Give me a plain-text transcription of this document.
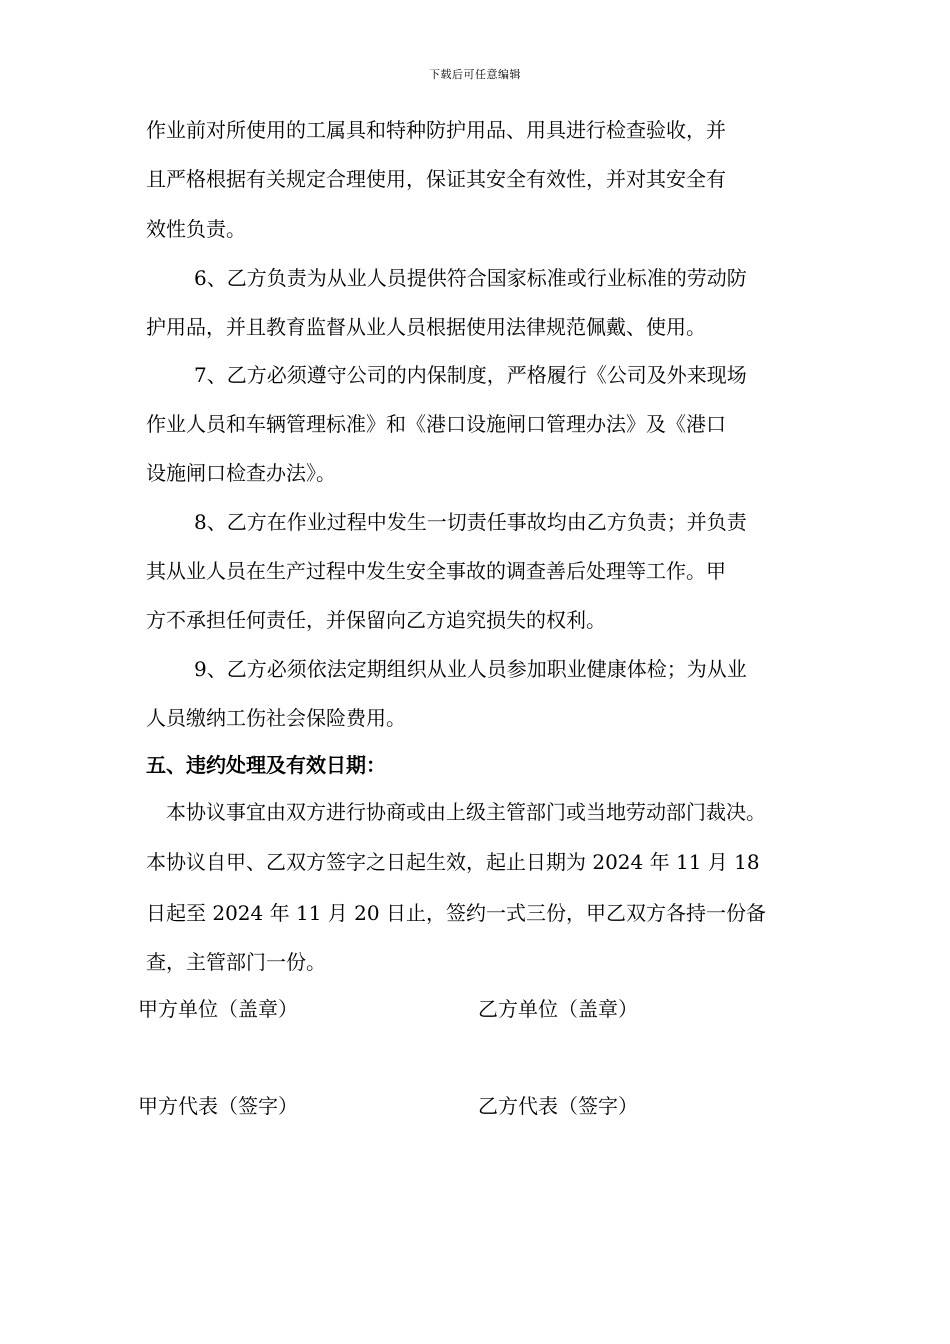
下载后可任意编辑
作业前对所使用的工属具和特种防护用品、用具进行检查验收，并
且严格根据有关规定合理使用，保证其安全有效性，并对其安全有
效性负责。
6、乙方负责为从业人员提供符合国家标准或行业标准的劳动防
护用品，并且教育监督从业人员根据使用法律规范佩戴、使用。
7、乙方必须遵守公司的内保制度，严格履行《公司及外来现场
作业人员和车辆管理标准》和《港口设施闸口管理办法》及《港口
设施闸口检查办法》。
8、乙方在作业过程中发生一切责任事故均由乙方负责；并负责
其从业人员在生产过程中发生安全事故的调查善后处理等工作。甲
方不承担任何责任，并保留向乙方追究损失的权利。
9、乙方必须依法定期组织从业人员参加职业健康体检；为从业
人员缴纳工伤社会保险费用。
五、违约处理及有效日期：
本协议事宜由双方进行协商或由上级主管部门或当地劳动部门裁决。
本协议自甲、乙双方签字之日起生效，起止日期为 2024 年 11 月 18
日起至 2024 年 11 月 20 日止，签约一式三份，甲乙双方各持一份备
查，主管部门一份。
甲方单位（盖章）	乙方单位（盖章）
甲方代表（签字）	乙方代表（签字）
